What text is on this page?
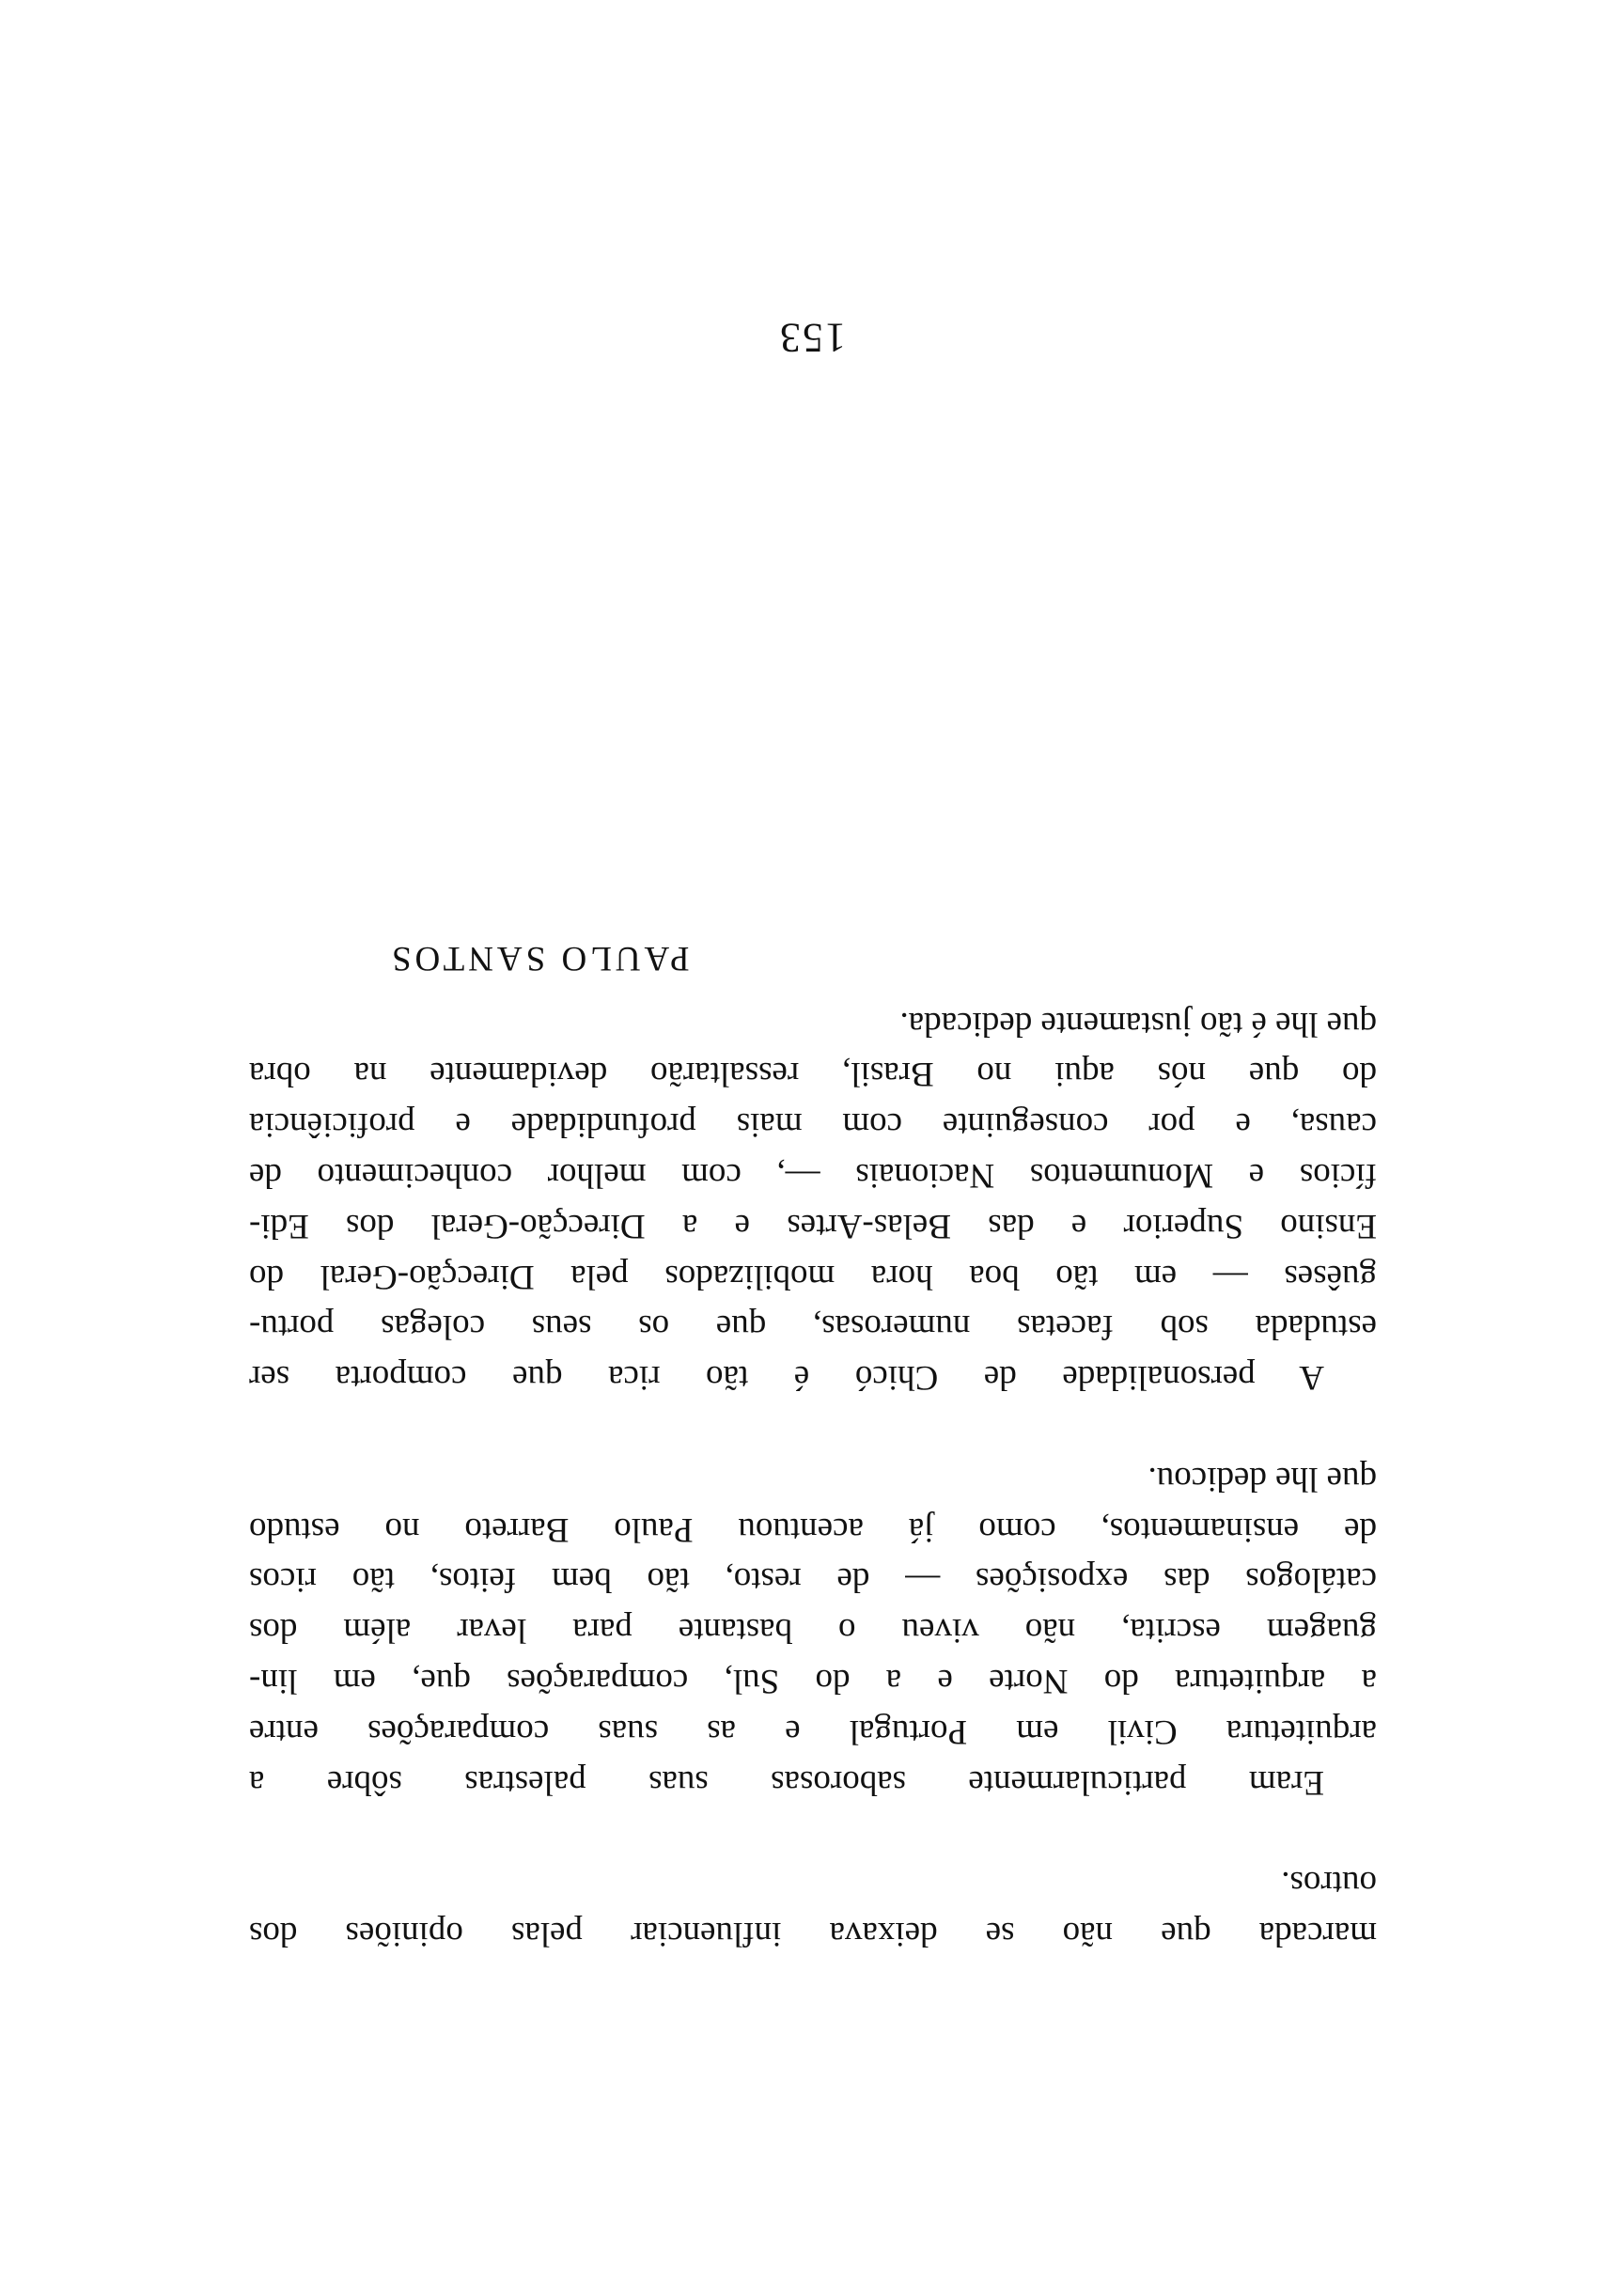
marcada que não se deixava influenciar pelas opiniões dos
outros.

Eram particularmente saborosas suas palestras sôbre a
arquitetura Civil em Portugal e as suas comparações entre
a arquitetura do Norte e a do Sul, comparações que, em lin-
guagem escrita, não viveu o bastante para levar além dos
catálogos das exposições — de resto, tão bem feitos, tão ricos
de ensinamentos, como já acentuou Paulo Barreto no estudo
que lhe dedicou.

A personalidade de Chicó é tão rica que comporta ser
estudada sob facetas numerosas, que os seus colegas portu-
guêses — em tão boa hora mobilizados pela Direcção-Geral do
Ensino Superior e das Belas-Artes e a Direcção-Geral dos Edi-
fícios e Monumentos Nacionais —, com melhor conhecimento de
causa, e por conseguinte com mais profundidade e proficiência
do que nós aqui no Brasil, ressaltarão devidamente na obra
que lhe é tão justamente dedicada.

PAULO SANTOS
153
